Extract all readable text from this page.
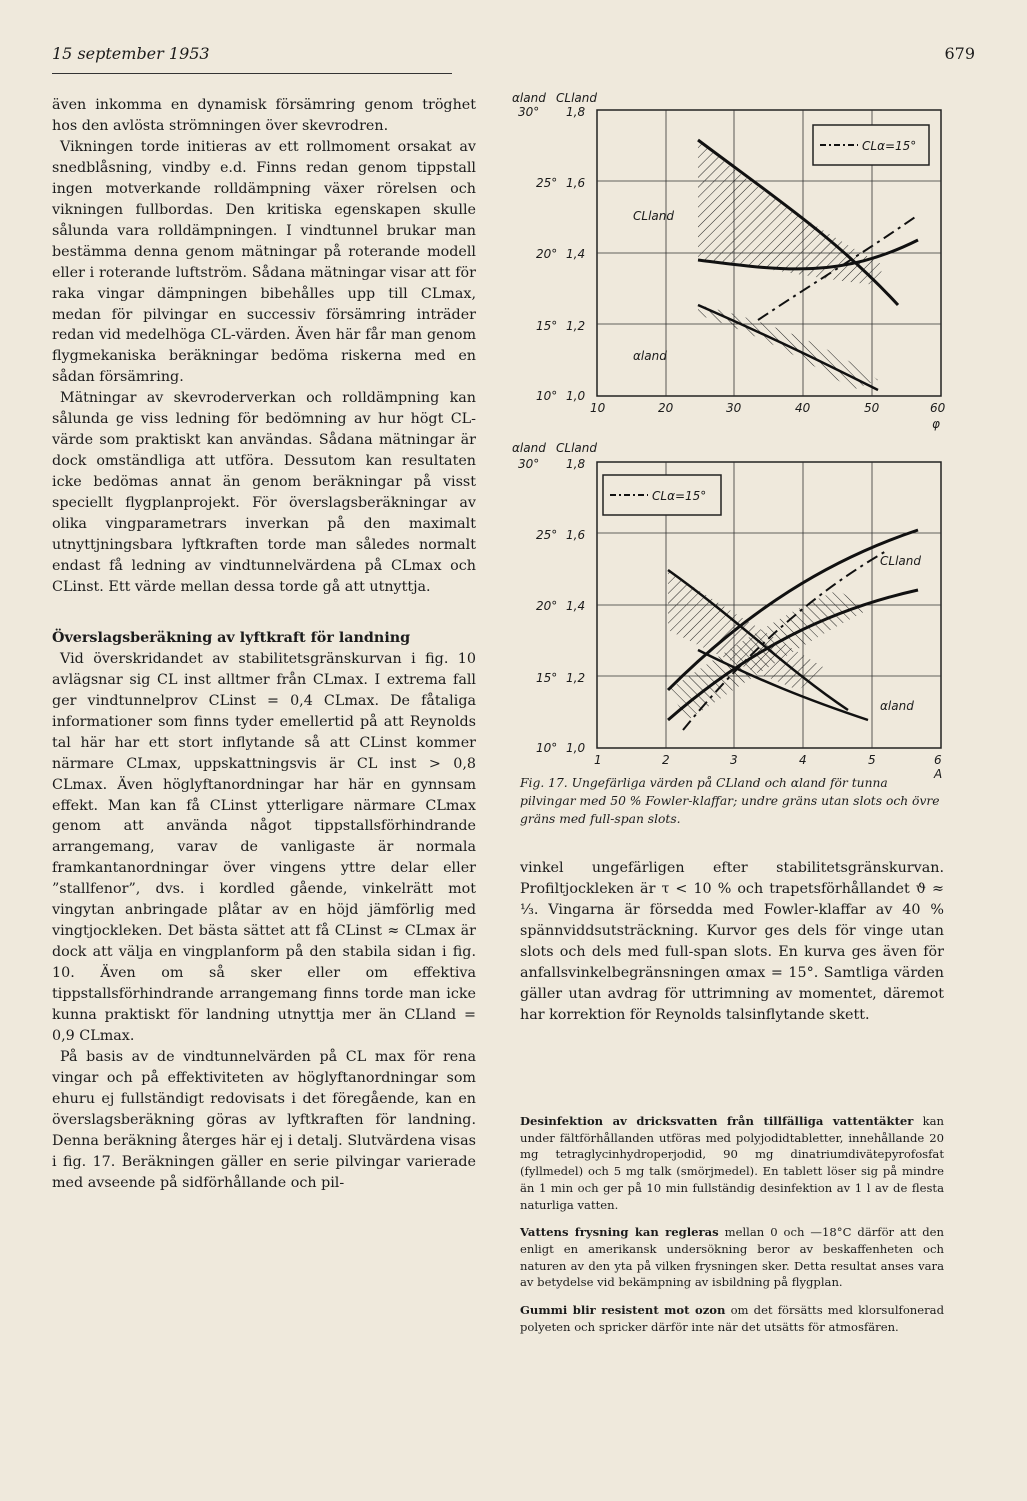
15 september 1953	679

även inkomma en dynamisk försämring genom tröghet hos den avlösta strömningen över skevrodren.

Vikningen torde initieras av ett rollmoment orsakat av snedblåsning, vindby e.d. Finns redan genom tippstall ingen motverkande rolldämpning växer rörelsen och vikningen fullbordas. Den kritiska egenskapen skulle sålunda vara rolldämpningen. I vindtunnel brukar man bestämma denna genom mätningar på roterande modell eller i roterande luftström. Sådana mätningar visar att för raka vingar dämpningen bibehålles upp till CLmax, medan för pilvingar en successiv försämring inträder redan vid medelhöga CL-värden. Även här får man genom flygmekaniska beräkningar bedöma riskerna med en sådan försämring.

Mätningar av skevroderverkan och rolldämpning kan sålunda ge viss ledning för bedömning av hur högt CL-värde som praktiskt kan användas. Sådana mätningar är dock omständliga att utföra. Dessutom kan resultaten icke bedömas annat än genom beräkningar på visst speciellt flygplanprojekt. För överslagsberäkningar av olika vingparametrars inverkan på den maximalt utnyttjningsbara lyftkraften torde man således normalt endast få ledning av vindtunnelvärdena på CLmax och CLinst. Ett värde mellan dessa torde gå att utnyttja.

Överslagsberäkning av lyftkraft för landning

Vid överskridandet av stabilitetsgränskurvan i fig. 10 avlägsnar sig CL inst alltmer från CLmax. I extrema fall ger vindtunnelprov CLinst = 0,4 CLmax. De fåtaliga informationer som finns tyder emellertid på att Reynolds tal här har ett stort inflytande så att CLinst kommer närmare CLmax, uppskattningsvis är CL inst > 0,8 CLmax. Även höglyftanordningar har här en gynnsam effekt. Man kan få CLinst ytterligare närmare CLmax genom att använda något tippstallsförhindrande arrangemang, varav de vanligaste är normala framkantanordningar över vingens yttre delar eller ”stallfenor”, dvs. i kordled gående, vinkelrätt mot vingytan anbringade plåtar av en höjd jämförlig med vingtjockleken. Det bästa sättet att få CLinst ≈ CLmax är dock att välja en vingplanform på den stabila sidan i fig. 10. Även om så sker eller om effektiva tippstallsförhindrande arrangemang finns torde man icke kunna praktiskt för landning utnyttja mer än CLland = 0,9 CLmax.

På basis av de vindtunnelvärden på CL max för rena vingar och på effektiviteten av höglyftanordningar som ehuru ej fullständigt redovisats i det föregående, kan en överslagsberäkning göras av lyftkraften för landning. Denna beräkning återges här ej i detalj. Slutvärdena visas i fig. 17. Beräkningen gäller en serie pilvingar varierade med avseende på sidförhållande och pil-

CLα=15°
CLland
αland
αland CLland
30°
25°
20°
15°
10°
1,8
1,6
1,4
1,2
1,0
10	20	30	40	50	60
φ
CLα=15°
CLland
αland
αland CLland
30°
25°
20°
15°
10°
1,8
1,6
1,4
1,2
1,0
1	2	3	4	5	6
A
Fig. 17. Ungefärliga värden på CLland och αland för tunna pilvingar med 50 % Fowler-klaffar; undre gräns utan slots och övre gräns med full-span slots.
vinkel ungefärligen efter stabilitetsgränskurvan. Profiltjockleken är τ < 10 % och trapetsförhållandet ϑ ≈ ⅓. Vingarna är försedda med Fowler-klaffar av 40 % spännviddsutsträckning. Kurvor ges dels för vinge utan slots och dels med full-span slots. En kurva ges även för anfallsvinkelbegränsningen αmax = 15°. Samtliga värden gäller utan avdrag för uttrimning av momentet, däremot har korrektion för Reynolds talsinflytande skett.

Desinfektion av dricksvatten från tillfälliga vattentäkter kan under fältförhållanden utföras med polyjodidtabletter, innehållande 20 mg tetraglycinhydroperjodid, 90 mg dinatriumdivätepyrofosfat (fyllmedel) och 5 mg talk (smörjmedel). En tablett löser sig på mindre än 1 min och ger på 10 min fullständig desinfektion av 1 l av de flesta naturliga vatten.

Vattens frysning kan regleras mellan 0 och —18°C därför att den enligt en amerikansk undersökning beror av beskaffenheten och naturen av den yta på vilken frysningen sker. Detta resultat anses vara av betydelse vid bekämpning av isbildning på flygplan.

Gummi blir resistent mot ozon om det försätts med klorsulfonerad polyeten och spricker därför inte när det utsätts för atmosfären.
